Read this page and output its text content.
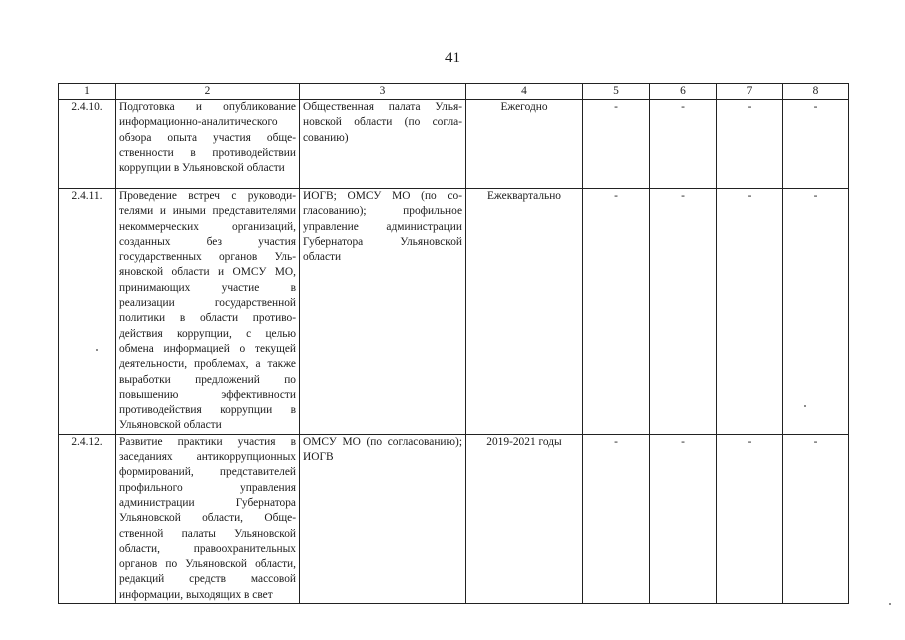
41
1	2	3	4	5	6	7	8
2.4.10.	Подготовка и опубликование информационно-аналитического обзора опыта участия общественности в противодействии коррупции в Ульяновской области	Общественная палата Ульяновской области (по согласованию)	Ежегодно	-	-	-	-
2.4.11.	Проведение встреч с руководителями и иными представителями некоммерческих организаций, созданных без участия государственных органов Ульяновской области и ОМСУ МО, принимающих участие в реализации государственной политики в области противодействия коррупции, с целью обмена информацией о текущей деятельности, проблемах, а также выработки предложений по повышению эффективности противодействия коррупции в Ульяновской области	ИОГВ; ОМСУ МО (по согласованию); профильное управление администрации Губернатора Ульяновской области	Ежеквартально	-	-	-	-
2.4.12.	Развитие практики участия в заседаниях антикоррупционных формирований, представителей профильного управления администрации Губернатора Ульяновской области, Общественной палаты Ульяновской области, правоохранительных органов по Ульяновской области, редакций средств массовой информации, выходящих в свет	ОМСУ МО (по согласованию); ИОГВ	2019-2021 годы	-	-	-	-
